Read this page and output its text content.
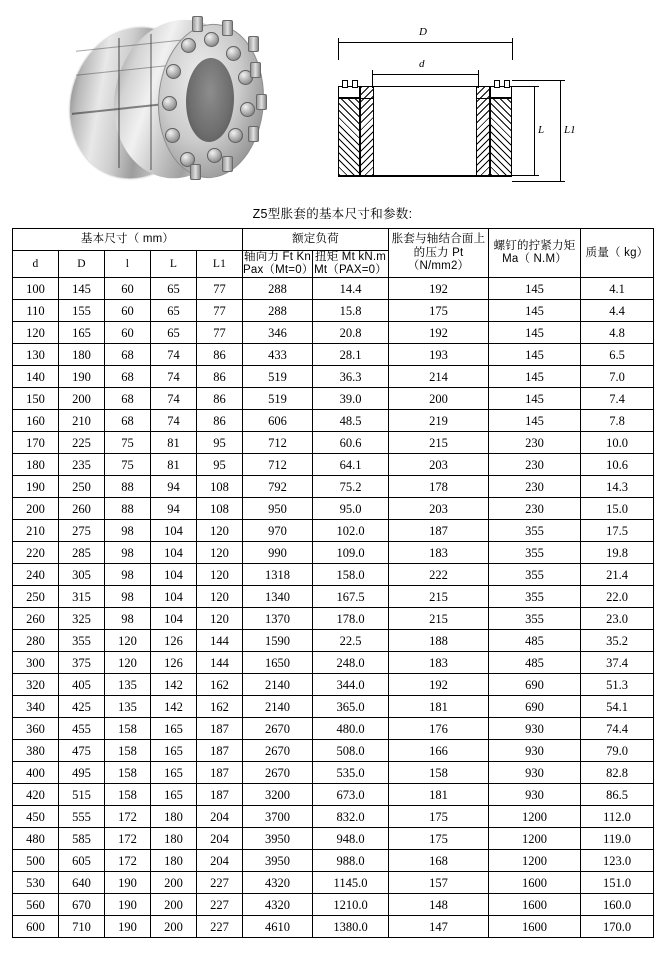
D
d
L L1
Z5型胀套的基本尺寸和参数:
基本尺寸（ mm）					额定负荷		胀套与轴结合面上的压力 Pt（N/mm2）	螺钉的拧紧力矩 Ma（ N.M）	质量（ kg）
d	D	l	L	L1	轴向力 Ft Kn Pax（Mt=0）	扭矩 Mt kN.m Mt（PAX=0）			
100	145	60	65	77	288	14.4	192	145	4.1
110	155	60	65	77	288	15.8	175	145	4.4
120	165	60	65	77	346	20.8	192	145	4.8
130	180	68	74	86	433	28.1	193	145	6.5
140	190	68	74	86	519	36.3	214	145	7.0
150	200	68	74	86	519	39.0	200	145	7.4
160	210	68	74	86	606	48.5	219	145	7.8
170	225	75	81	95	712	60.6	215	230	10.0
180	235	75	81	95	712	64.1	203	230	10.6
190	250	88	94	108	792	75.2	178	230	14.3
200	260	88	94	108	950	95.0	203	230	15.0
210	275	98	104	120	970	102.0	187	355	17.5
220	285	98	104	120	990	109.0	183	355	19.8
240	305	98	104	120	1318	158.0	222	355	21.4
250	315	98	104	120	1340	167.5	215	355	22.0
260	325	98	104	120	1370	178.0	215	355	23.0
280	355	120	126	144	1590	22.5	188	485	35.2
300	375	120	126	144	1650	248.0	183	485	37.4
320	405	135	142	162	2140	344.0	192	690	51.3
340	425	135	142	162	2140	365.0	181	690	54.1
360	455	158	165	187	2670	480.0	176	930	74.4
380	475	158	165	187	2670	508.0	166	930	79.0
400	495	158	165	187	2670	535.0	158	930	82.8
420	515	158	165	187	3200	673.0	181	930	86.5
450	555	172	180	204	3700	832.0	175	1200	112.0
480	585	172	180	204	3950	948.0	175	1200	119.0
500	605	172	180	204	3950	988.0	168	1200	123.0
530	640	190	200	227	4320	1145.0	157	1600	151.0
560	670	190	200	227	4320	1210.0	148	1600	160.0
600	710	190	200	227	4610	1380.0	147	1600	170.0
